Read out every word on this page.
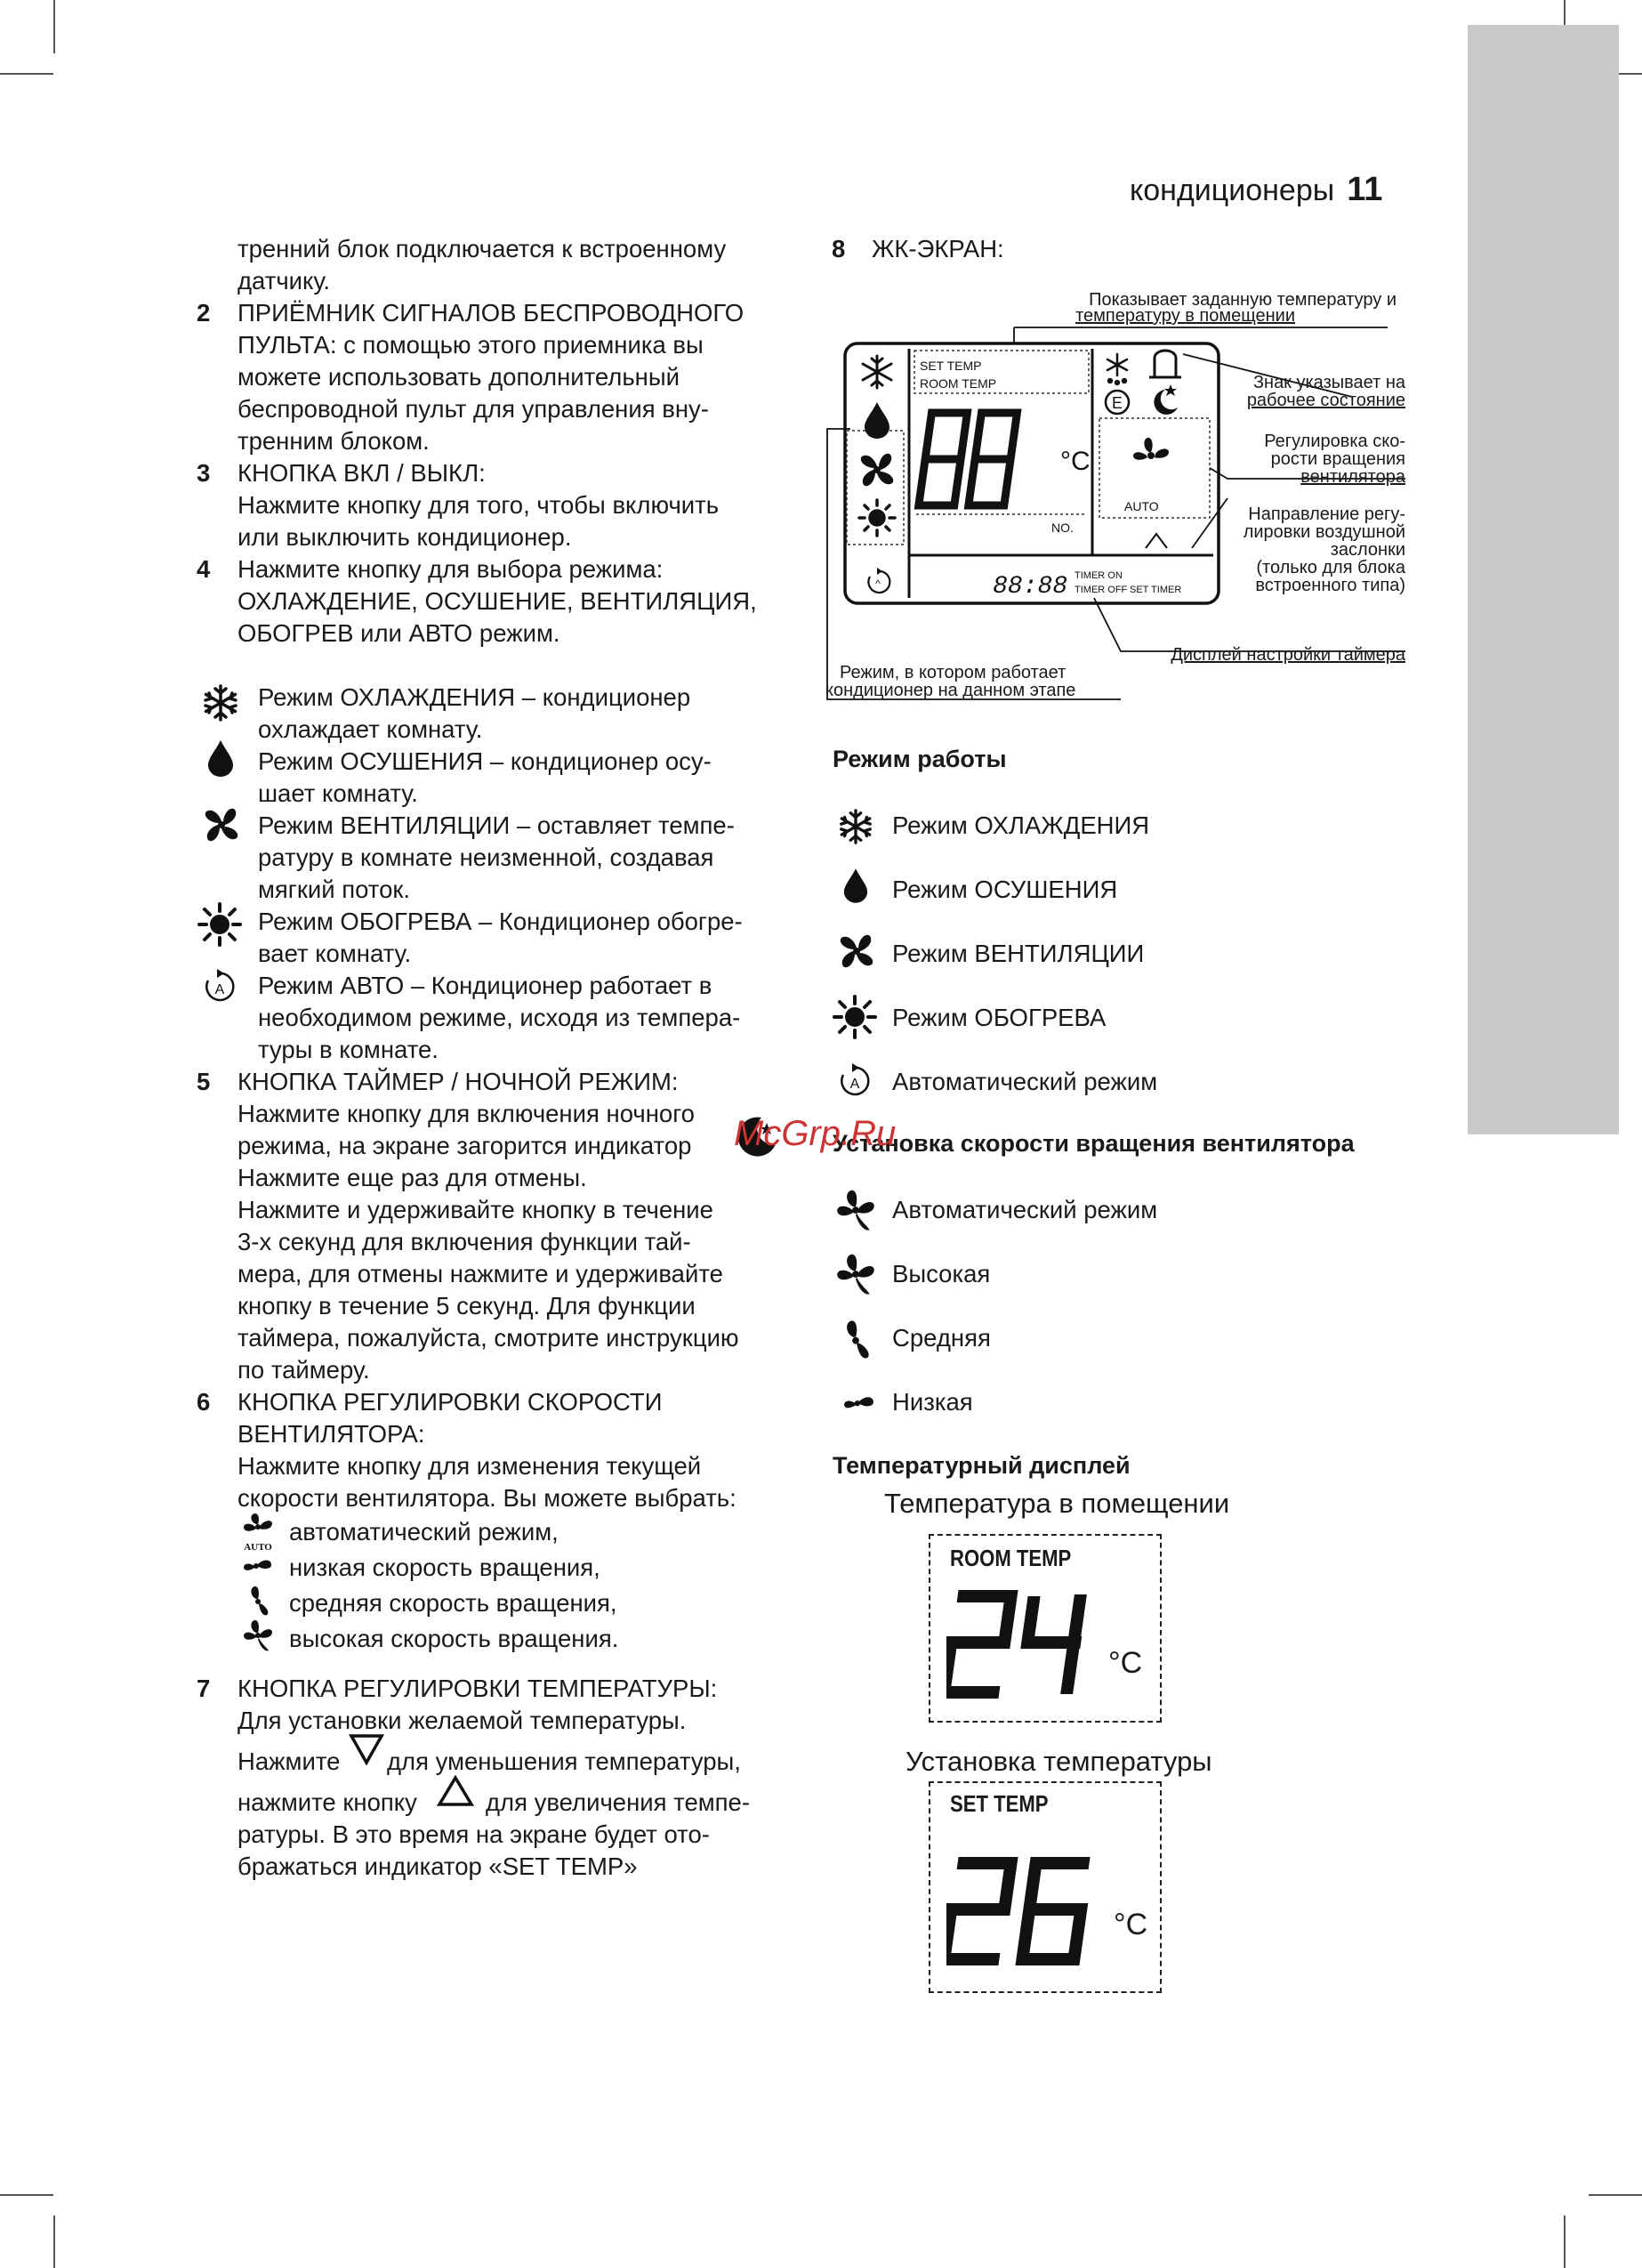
кондиционеры 11
тренний блок подключается к встроенному
датчику.
2 ПРИЁМНИК СИГНАЛОВ БЕСПРОВОДНОГО
ПУЛЬТА: с помощью этого приемника вы
можете использовать дополнительный
беспроводной пульт для управления вну-
тренним блоком.
3 КНОПКА ВКЛ / ВЫКЛ:
Нажмите кнопку для того, чтобы включить
или выключить кондиционер.
4 Нажмите кнопку для выбора режима:
ОХЛАЖДЕНИЕ, ОСУШЕНИЕ, ВЕНТИЛЯЦИЯ,
ОБОГРЕВ или АВТО режим.
Режим ОХЛАЖДЕНИЯ – кондиционер
охлаждает комнату.
Режим ОСУШЕНИЯ – кондиционер осу-
шает комнату.
Режим ВЕНТИЛЯЦИИ – оставляет темпе-
ратуру в комнате неизменной, создавая
мягкий поток.
Режим ОБОГРЕВА – Кондиционер обогре-
вает комнату.
A Режим АВТО – Кондиционер работает в
необходимом режиме, исходя из темпера-
туры в комнате.
5 КНОПКА ТАЙМЕР / НОЧНОЙ РЕЖИМ:
Нажмите кнопку для включения ночного
режима, на экране загорится индикатор
Нажмите еще раз для отмены.
Нажмите и удерживайте кнопку в течение
3-х секунд для включения функции тай-
мера, для отмены нажмите и удерживайте
кнопку в течение 5 секунд. Для функции
таймера, пожалуйста, смотрите инструкцию
по таймеру.
6 КНОПКА РЕГУЛИРОВКИ СКОРОСТИ
ВЕНТИЛЯТОРА:
Нажмите кнопку для изменения текущей
скорости вентилятора. Вы можете выбрать:
AUTO
автоматический режим,
низкая скорость вращения,
средняя скорость вращения,
высокая скорость вращения.
7 КНОПКА РЕГУЛИРОВКИ ТЕМПЕРАТУРЫ:
Для установки желаемой температуры.
Нажмите для уменьшения температуры,
нажмите кнопку	для увеличения темпе-
ратуры. В это время на экране будет ото-
бражаться индикатор «SET TEMP»
8 ЖК-ЭКРАН:
^
SET TEMP
ROOM TEMP
°C
NO.
88:88 TIMER ON
TIMER OFF SET TIMER
E
AUTO
Показывает заданную температуру и
температуру в помещении
Знак указывает на
рабочее состояние
Регулировка ско-
рости вращения
вентилятора
Направление регу-
лировки воздушной
заслонки
(только для блока
встроенного типа)
Дисплей настройки таймера
Режим, в котором работает
кондиционер на данном этапе
Режим работы
Режим ОХЛАЖДЕНИЯ
Режим ОСУШЕНИЯ
Режим ВЕНТИЛЯЦИИ
Режим ОБОГРЕВА
A Автоматический режим
Установка скорости вращения вентилятора
Автоматический режим
Высокая
Средняя
Низкая
Температурный дисплей
Температура в помещении
ROOM TEMP
°C
Установка температуры
SET TEMP
°C
McGrp.Ru
